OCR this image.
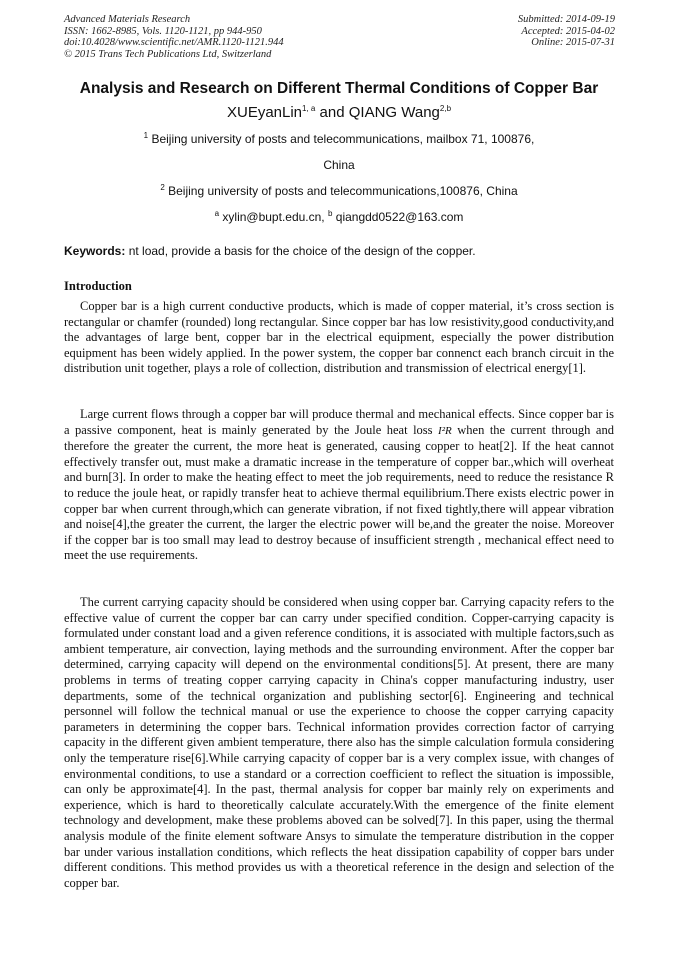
Advanced Materials Research
ISSN: 1662-8985, Vols. 1120-1121, pp 944-950
doi:10.4028/www.scientific.net/AMR.1120-1121.944
© 2015 Trans Tech Publications Ltd, Switzerland
Submitted: 2014-09-19
Accepted: 2015-04-02
Online: 2015-07-31
Analysis and Research on Different Thermal Conditions of Copper Bar
XUEyanLin$^{1, a}$ and QIANG Wang$^{2,b}$
$^1$ Beijing university of posts and telecommunications, mailbox 71, 100876,
China
$^2$ Beijing university of posts and telecommunications,100876, China
$^a$ xylin@bupt.edu.cn, $^b$ qiangdd0522@163.com
Keywords: nt load, provide a basis for the choice of the design of the copper.
Introduction
Copper bar is a high current conductive products, which is made of copper material, it’s cross section is rectangular or chamfer (rounded) long rectangular. Since copper bar has low resistivity,good conductivity,and the advantages of large bent, copper bar in the electrical equipment, especially the power distribution equipment has been widely applied. In the power system, the copper bar connenct each branch circuit in the distribution unit together, plays a role of collection, distribution and transmission of electrical energy[1].
Large current flows through a copper bar will produce thermal and mechanical effects. Since copper bar is a passive component, heat is mainly generated by the Joule heat loss I²R when the current through and therefore the greater the current, the more heat is generated, causing copper to heat[2]. If the heat cannot effectively transfer out, must make a dramatic increase in the temperature of copper bar.,which will overheat and burn[3]. In order to make the heating effect to meet the job requirements, need to reduce the resistance R to reduce the joule heat, or rapidly transfer heat to achieve thermal equilibrium.There exists electric power in copper bar when current through,which can generate vibration, if not fixed tightly,there will appear vibration and noise[4],the greater the current, the larger the electric power will be,and the greater the noise. Moreover if the copper bar is too small may lead to destroy because of insufficient strength , mechanical effect need to meet the use requirements.
The current carrying capacity should be considered when using copper bar. Carrying capacity refers to the effective value of current the copper bar can carry under specified condition. Copper-carrying capacity is formulated under constant load and a given reference conditions, it is associated with multiple factors,such as ambient temperature, air convection, laying methods and the surrounding environment. After the copper bar determined, carrying capacity will depend on the environmental conditions[5]. At present, there are many problems in terms of treating copper carrying capacity in China's copper manufacturing industry, user departments, some of the technical organization and publishing sector[6]. Engineering and technical personnel will follow the technical manual or use the experience to choose the copper carrying capacity parameters in determining the copper bars. Technical information provides correction factor of carrying capacity in the different given ambient temperature, there also has the simple calculation formula considering only the temperature rise[6].While carrying capacity of copper bar is a very complex issue, with changes of environmental conditions, to use a standard or a correction coefficient to reflect the situation is impossible, can only be approximate[4]. In the past, thermal analysis for copper bar mainly rely on experiments and experience, which is hard to theoretically calculate accurately.With the emergence of the finite element technology and development, make these problems aboved can be solved[7]. In this paper, using the thermal analysis module of the finite element software Ansys to simulate the temperature distribution in the copper bar under various installation conditions, which reflects the heat dissipation capability of copper bars under different conditions. This method provides us with a theoretical reference in the design and selection of the copper bar.
